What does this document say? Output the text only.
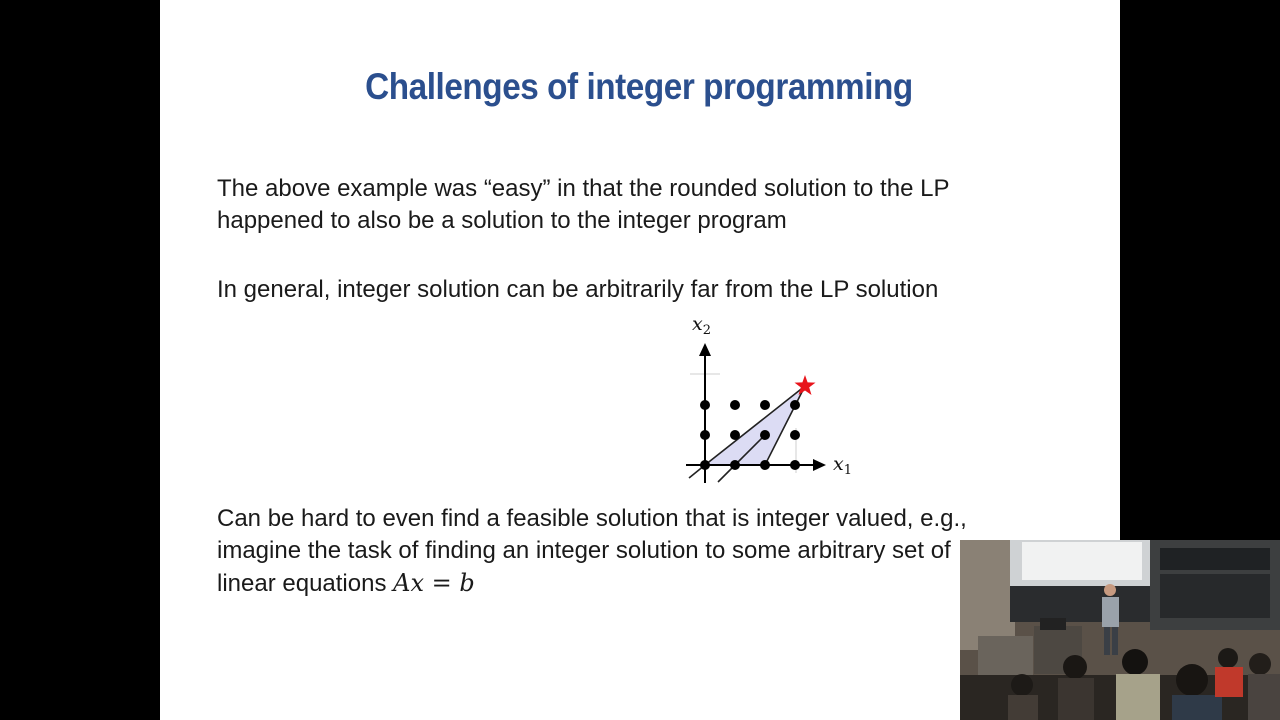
Challenges of integer programming
The above example was “easy” in that the rounded solution to the LP
happened to also be a solution to the integer program
In general, integer solution can be arbitrarily far from the LP solution
$x_2$
$x_1$
Can be hard to even find a feasible solution that is integer valued, e.g.,
imagine the task of finding an integer solution to some arbitrary set of
linear equations Ax = b
